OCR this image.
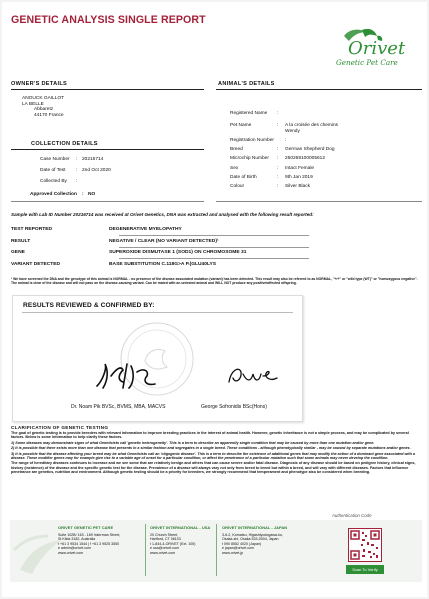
GENETIC ANALYSIS SINGLE REPORT
Orivet
Genetic Pet Care
OWNER'S DETAILS
ANOUCK GAILLOT
LA BELLE
Abbaretz
44170 France
COLLECTION DETAILS
Case Number	: 20216714
Date of Test	: 2nd Oct 2020
Collected By	:
Approved Collection	: NO
ANIMAL'S DETAILS
Registered Name	:
Pet Name	:	A la croisée des chemins Wendy
Registration Number	:
Breed	:	German Shepherd Dog
Microchip Number	:	250269100005612
Sex	:	Intact Female
Date of Birth	:	9th Jan 2019
Colour	:	Silver Black
Sample with Lab ID Number 20216714 was received at Orivet Genetics, DNA was extracted and analysed with the following result reported:
TEST REPORTED	DEGENERATIVE MYELOPATHY
RESULT	NEGATIVE / CLEAR (NO VARIANT DETECTED)¹
GENE	SUPEROXIDE DISMUTASE 1 (SOD1) ON CHROMOSOME 31
VARIANT DETECTED	BASE SUBSTITUTION C.118G>A P.(GLU40LYS
¹ We have screened the DNA and the genotype of this animal is NORMAL - no presence of the disease associated mutation (variant) has been detected. This result may also be referred to as NORMAL, "+/+" or "wild type (WT)" or "homozygous negative". The animal is clear of the disease and will not pass on the disease-causing variant. Can be mated with an untested animal and WILL NOT produce any positive/affected offspring.
RESULTS REVIEWED & CONFIRMED BY:
Dr. Noam Pik BVSc, BVMS, MBA, MACVS	George Sofronidis BSc(Hons)
CLARIFICATION OF GENETIC TESTING

The goal of genetic testing is to provide breeders with relevant information to improve breeding practices in the interest of animal health. However, genetic inheritance is not a simple process, and may be complicated by several factors. Below is some information to help clarify these factors.

1) Some diseases may demonstrate signs of what Geneticists call 'genetic heterogeneity'. This is a term to describe an apparently single condition that may be caused by more than one mutation and/or gene.

2) It is possible that there exists more than one disease that presents in a similar fashion and segregates in a single breed. These conditions - although phenotypically similar - may be caused by separate mutations and/or genes.

3) It is possible that the disease affecting your breed may be what Geneticists call an 'oligogenic disease'. This is a term to describe the existence of additional genes that may modify the action of a dominant gene associated with a disease. These modifier genes may for example give rise to a variable age of onset for a particular condition, or affect the penetrance of a particular mutation such that some animals may never develop the condition.

The range of hereditary diseases continues to increase and we see some that are relatively benign and others that can cause severe and/or fatal disease. Diagnosis of any disease should be based on pedigree history, clinical signs, history (incidence) of the disease and the specific genetic test for the disease. Prevalence of a disease will always vary not only from breed to breed but within a breed, and will vary with different diseases. Factors that influence penetrance are genetics, nutrition and environment. Although genetic testing should be a priority for breeders, we strongly recommend that temperament and phenotype also be considered when breeding.

ORIVET GENETIC PET CARE
Suite 102B/ 163 - 169 Inkerman Street,
St Kilda 3182, Australia
t +61 3 9534 1544 | f +61 3 9525 3550
e admin@orivet.com
www.orivet.com
ORIVET INTERNATIONAL - USA
20 Church Street,
Hartford, CT 06103
t 1-844-4-ORIVET (Ext. 105)
e usa@orivet.com
www.orivet.com
ORIVET INTERNATIONAL - JAPAN
3-6-2, Komatsu, Higashiyodogawa-ku,
Osaka-shi, Osaka 533-0004, Japan
t 090 8552 4020 (Japan)
e japan@orivet.com
www.orivet.jp
Authentication Code
Scan To Verify
